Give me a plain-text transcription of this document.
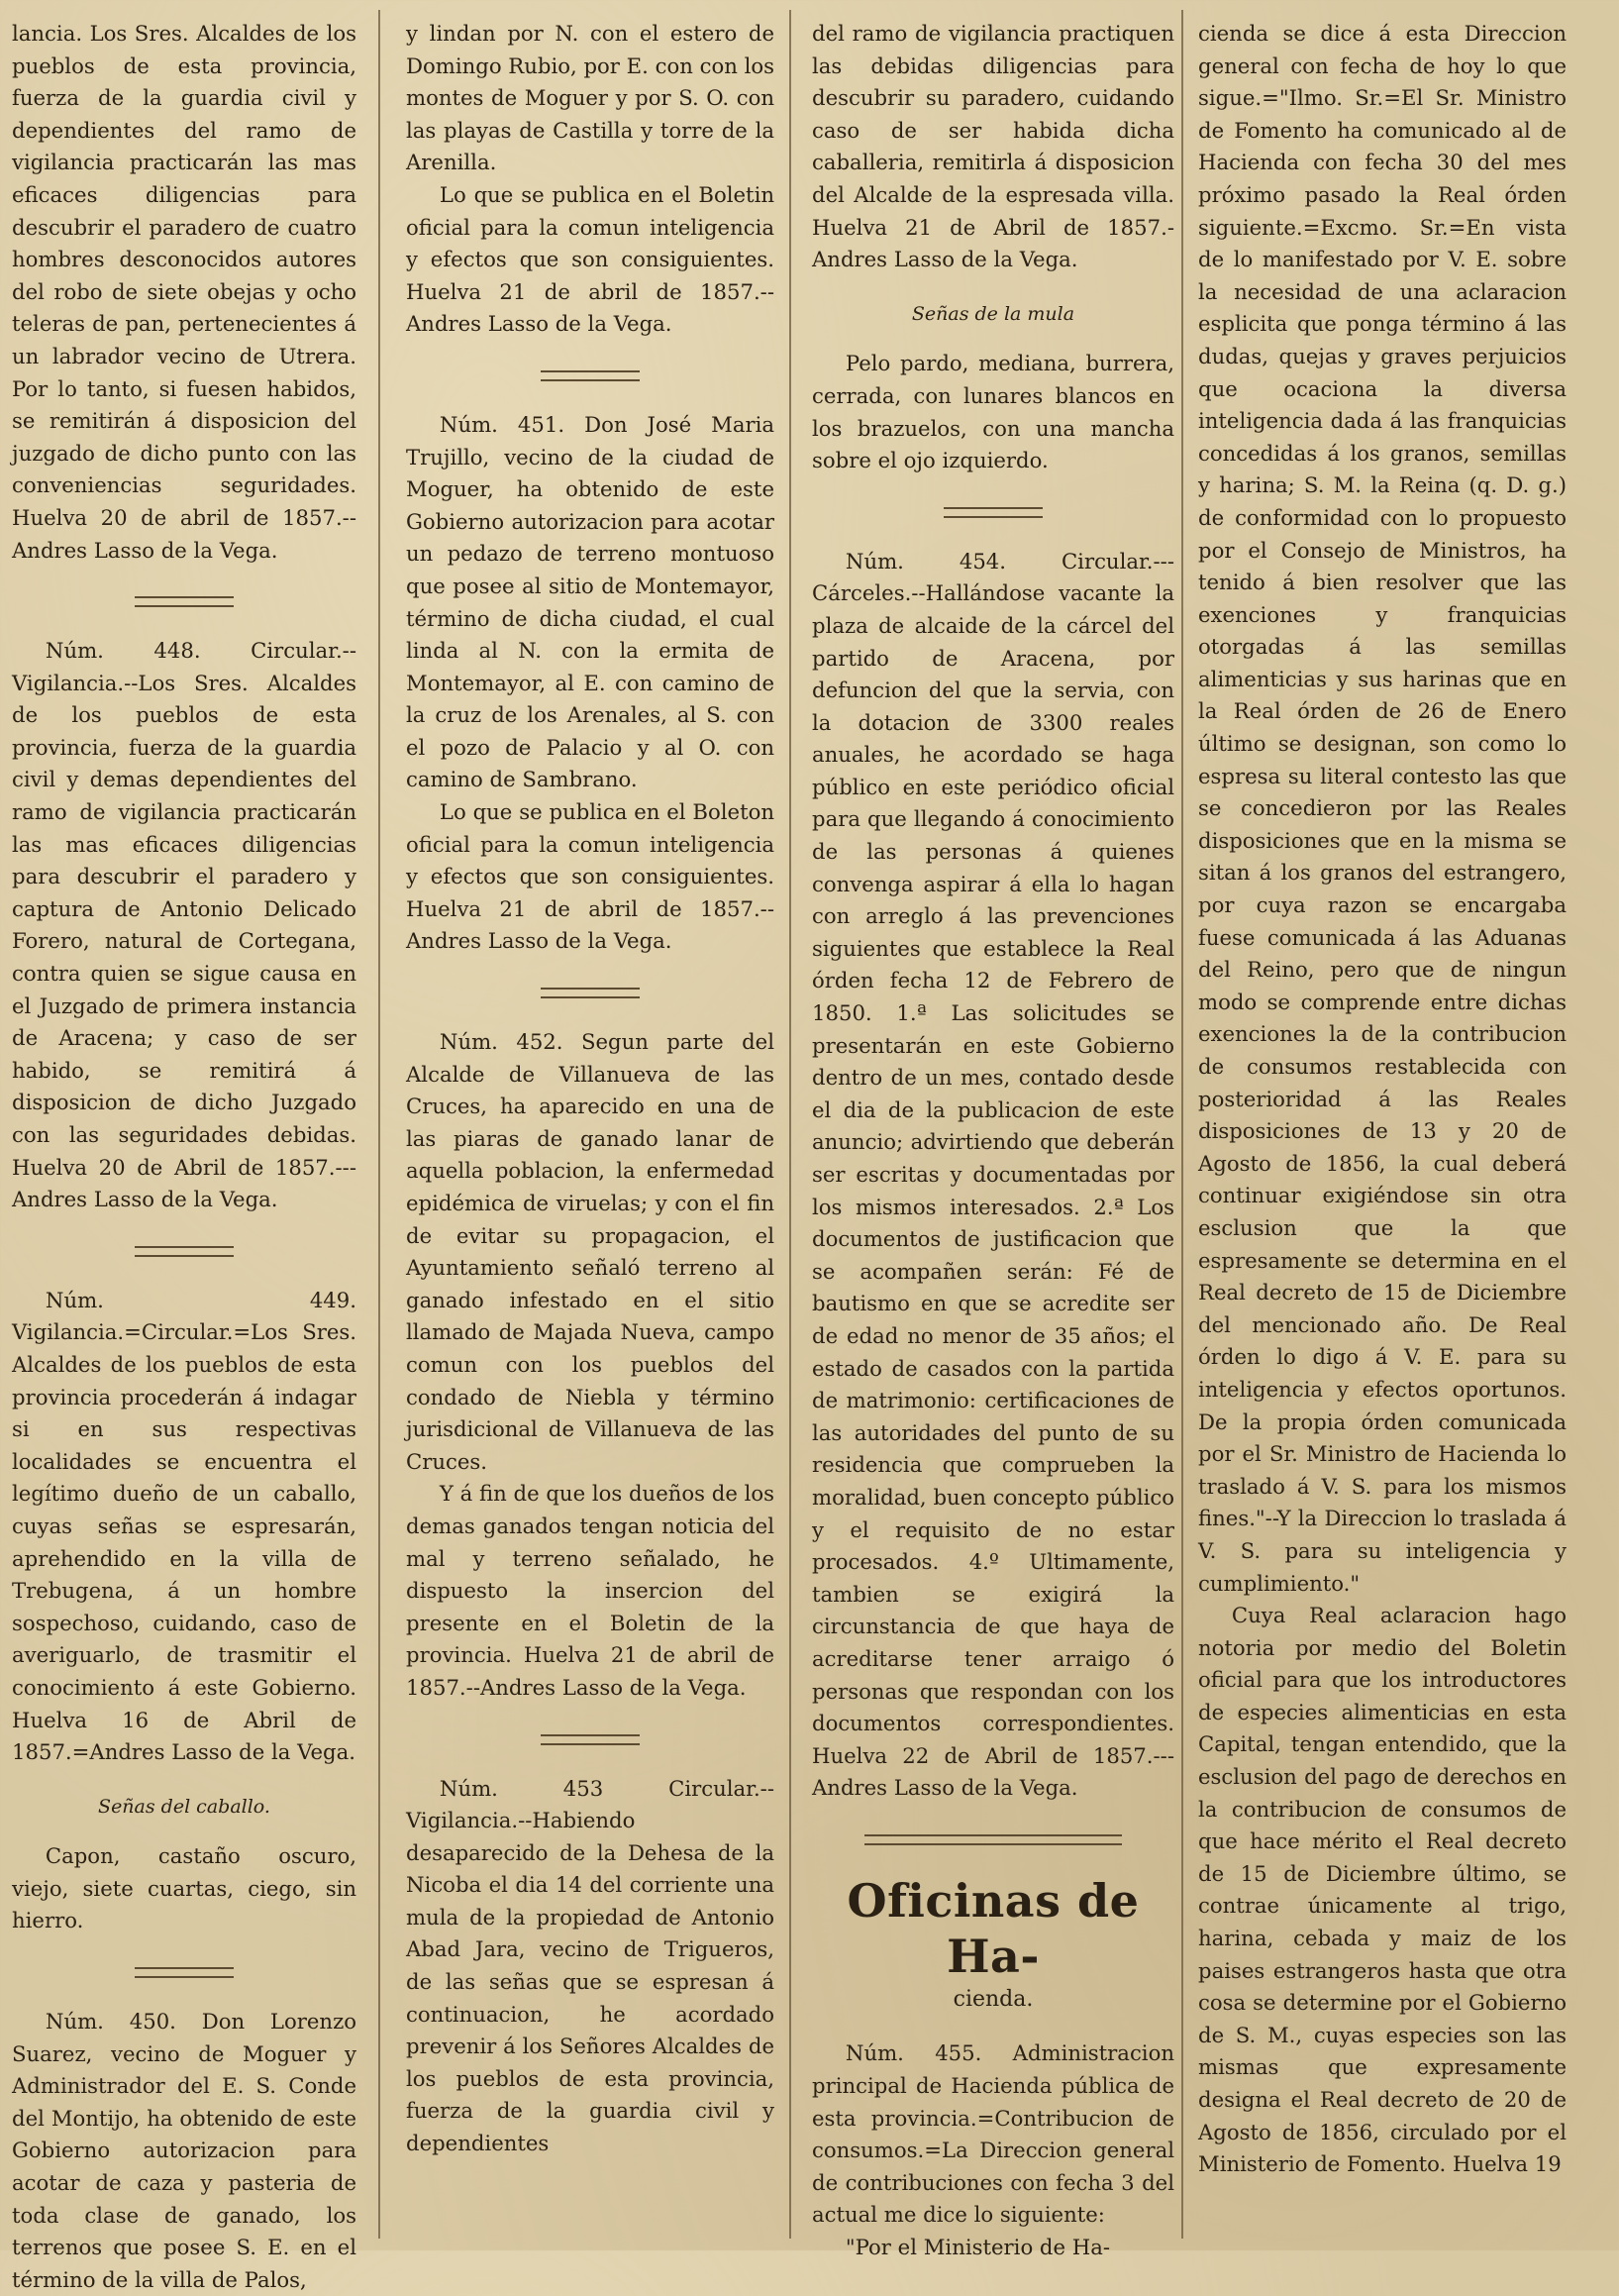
lancia. Los Sres. Alcaldes de los pueblos de esta provincia, fuerza de la guardia civil y dependientes del ramo de vigilancia practicarán las mas eficaces diligencias para descubrir el paradero de cuatro hombres desconocidos autores del robo de siete obejas y ocho teleras de pan, pertenecientes á un labrador vecino de Utrera. Por lo tanto, si fuesen habidos, se remitirán á disposicion del juzgado de dicho punto con las conveniencias seguridades. Huelva 20 de abril de 1857.--Andres Lasso de la Vega.

Núm. 448. Circular.--Vigilancia.--Los Sres. Alcaldes de los pueblos de esta provincia, fuerza de la guardia civil y demas dependientes del ramo de vigilancia practicarán las mas eficaces diligencias para descubrir el paradero y captura de Antonio Delicado Forero, natural de Cortegana, contra quien se sigue causa en el Juzgado de primera instancia de Aracena; y caso de ser habido, se remitirá á disposicion de dicho Juzgado con las seguridades debidas. Huelva 20 de Abril de 1857.---Andres Lasso de la Vega.

Núm. 449. Vigilancia.=Circular.=Los Sres. Alcaldes de los pueblos de esta provincia procederán á indagar si en sus respectivas localidades se encuentra el legítimo dueño de un caballo, cuyas señas se espresarán, aprehendido en la villa de Trebugena, á un hombre sospechoso, cuidando, caso de averiguarlo, de trasmitir el conocimiento á este Gobierno. Huelva 16 de Abril de 1857.=Andres Lasso de la Vega.

Señas del caballo.

Capon, castaño oscuro, viejo, siete cuartas, ciego, sin hierro.

Núm. 450. Don Lorenzo Suarez, vecino de Moguer y Administrador del E. S. Conde del Montijo, ha obtenido de este Gobierno autorizacion para acotar de caza y pasteria de toda clase de ganado, los terrenos que posee S. E. en el término de la villa de Palos,

y lindan por N. con el estero de Domingo Rubio, por E. con con los montes de Moguer y por S. O. con las playas de Castilla y torre de la Arenilla.

Lo que se publica en el Boletin oficial para la comun inteligencia y efectos que son consiguientes. Huelva 21 de abril de 1857.--Andres Lasso de la Vega.

Núm. 451. Don José Maria Trujillo, vecino de la ciudad de Moguer, ha obtenido de este Gobierno autorizacion para acotar un pedazo de terreno montuoso que posee al sitio de Montemayor, término de dicha ciudad, el cual linda al N. con la ermita de Montemayor, al E. con camino de la cruz de los Arenales, al S. con el pozo de Palacio y al O. con camino de Sambrano.

Lo que se publica en el Boleton oficial para la comun inteligencia y efectos que son consiguientes. Huelva 21 de abril de 1857.--Andres Lasso de la Vega.

Núm. 452. Segun parte del Alcalde de Villanueva de las Cruces, ha aparecido en una de las piaras de ganado lanar de aquella poblacion, la enfermedad epidémica de viruelas; y con el fin de evitar su propagacion, el Ayuntamiento señaló terreno al ganado infestado en el sitio llamado de Majada Nueva, campo comun con los pueblos del condado de Niebla y término jurisdicional de Villanueva de las Cruces.

Y á fin de que los dueños de los demas ganados tengan noticia del mal y terreno señalado, he dispuesto la insercion del presente en el Boletin de la provincia. Huelva 21 de abril de 1857.--Andres Lasso de la Vega.

Núm. 453 Circular.--Vigilancia.--Habiendo desaparecido de la Dehesa de la Nicoba el dia 14 del corriente una mula de la propiedad de Antonio Abad Jara, vecino de Trigueros, de las señas que se espresan á continuacion, he acordado prevenir á los Señores Alcaldes de los pueblos de esta provincia, fuerza de la guardia civil y dependientes

del ramo de vigilancia practiquen las debidas diligencias para descubrir su paradero, cuidando caso de ser habida dicha caballeria, remitirla á disposicion del Alcalde de la espresada villa. Huelva 21 de Abril de 1857.- Andres Lasso de la Vega.

Señas de la mula

Pelo pardo, mediana, burrera, cerrada, con lunares blancos en los brazuelos, con una mancha sobre el ojo izquierdo.

Núm. 454. Circular.---Cárceles.--Hallándose vacante la plaza de alcaide de la cárcel del partido de Aracena, por defuncion del que la servia, con la dotacion de 3300 reales anuales, he acordado se haga público en este periódico oficial para que llegando á conocimiento de las personas á quienes convenga aspirar á ella lo hagan con arreglo á las prevenciones siguientes que establece la Real órden fecha 12 de Febrero de 1850. 1.ª Las solicitudes se presentarán en este Gobierno dentro de un mes, contado desde el dia de la publicacion de este anuncio; advirtiendo que deberán ser escritas y documentadas por los mismos interesados. 2.ª Los documentos de justificacion que se acompañen serán: Fé de bautismo en que se acredite ser de edad no menor de 35 años; el estado de casados con la partida de matrimonio: certificaciones de las autoridades del punto de su residencia que comprueben la moralidad, buen concepto público y el requisito de no estar procesados. 4.º Ultimamente, tambien se exigirá la circunstancia de que haya de acreditarse tener arraigo ó personas que respondan con los documentos correspondientes. Huelva 22 de Abril de 1857.---Andres Lasso de la Vega.

Oficinas de Ha-
cienda.

Núm. 455. Administracion principal de Hacienda pública de esta provincia.=Contribucion de consumos.=La Direccion general de contribuciones con fecha 3 del actual me dice lo siguiente:

"Por el Ministerio de Ha-

cienda se dice á esta Direccion general con fecha de hoy lo que sigue.="Ilmo. Sr.=El Sr. Ministro de Fomento ha comunicado al de Hacienda con fecha 30 del mes próximo pasado la Real órden siguiente.=Excmo. Sr.=En vista de lo manifestado por V. E. sobre la necesidad de una aclaracion esplicita que ponga término á las dudas, quejas y graves perjuicios que ocaciona la diversa inteligencia dada á las franquicias concedidas á los granos, semillas y harina; S. M. la Reina (q. D. g.) de conformidad con lo propuesto por el Consejo de Ministros, ha tenido á bien resolver que las exenciones y franquicias otorgadas á las semillas alimenticias y sus harinas que en la Real órden de 26 de Enero último se designan, son como lo espresa su literal contesto las que se concedieron por las Reales disposiciones que en la misma se sitan á los granos del estrangero, por cuya razon se encargaba fuese comunicada á las Aduanas del Reino, pero que de ningun modo se comprende entre dichas exenciones la de la contribucion de consumos restablecida con posterioridad á las Reales disposiciones de 13 y 20 de Agosto de 1856, la cual deberá continuar exigiéndose sin otra esclusion que la que espresamente se determina en el Real decreto de 15 de Diciembre del mencionado año. De Real órden lo digo á V. E. para su inteligencia y efectos oportunos. De la propia órden comunicada por el Sr. Ministro de Hacienda lo traslado á V. S. para los mismos fines."--Y la Direccion lo traslada á V. S. para su inteligencia y cumplimiento."

Cuya Real aclaracion hago notoria por medio del Boletin oficial para que los introductores de especies alimenticias en esta Capital, tengan entendido, que la esclusion del pago de derechos en la contribucion de consumos de que hace mérito el Real decreto de 15 de Diciembre último, se contrae únicamente al trigo, harina, cebada y maiz de los paises estrangeros hasta que otra cosa se determine por el Gobierno de S. M., cuyas especies son las mismas que expresamente designa el Real decreto de 20 de Agosto de 1856, circulado por el Ministerio de Fomento. Huelva 19
